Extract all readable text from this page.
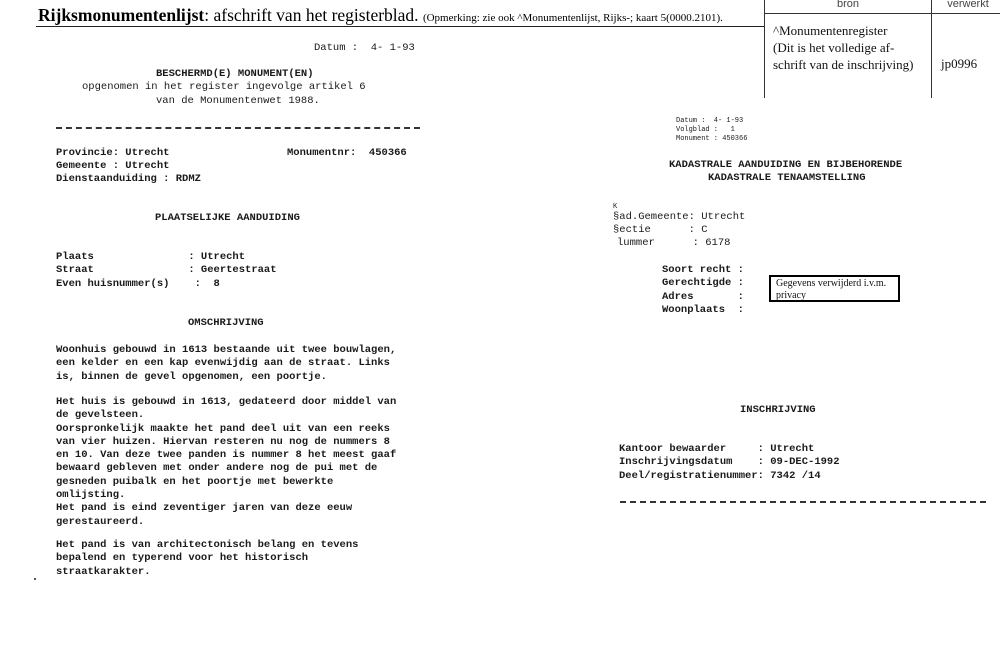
Rijksmonumentenlijst: afschrift van het registerblad. (Opmerking: zie ook ^Monumentenlijst, Rijks-; kaart 5(0000.2101).
bron	verwerkt
^Monumentenregister
(Dit is het volledige af-
schrift van de inschrijving) jp0996
Datum :  4- 1-93
BESCHERMD(E) MONUMENT(EN)
opgenomen in het register ingevolge artikel 6
van de Monumentenwet 1988.
Provincie: Utrecht	Monumentnr:  450366
Gemeente : Utrecht
Dienstaanduiding : RDMZ
PLAATSELIJKE AANDUIDING
Plaats               : Utrecht
Straat               : Geertestraat
Even huisnummer(s)    :  8
OMSCHRIJVING
Woonhuis gebouwd in 1613 bestaande uit twee bouwlagen,
een kelder en een kap evenwijdig aan de straat. Links
is, binnen de gevel opgenomen, een poortje.
Het huis is gebouwd in 1613, gedateerd door middel van
de gevelsteen.
Oorspronkelijk maakte het pand deel uit van een reeks
van vier huizen. Hiervan resteren nu nog de nummers 8
en 10. Van deze twee panden is nummer 8 het meest gaaf
bewaard gebleven met onder andere nog de pui met de
gesneden puibalk en het poortje met bewerkte
omlijsting.
Het pand is eind zeventiger jaren van deze eeuw
gerestaureerd.
Het pand is van architectonisch belang en tevens
bepalend en typerend voor het historisch
straatkarakter.
Datum :  4- 1-93
Volgblad :   1
Monument : 450366
KADASTRALE AANDUIDING EN BIJBEHORENDE
KADASTRALE TENAAMSTELLING
K
§ad.Gemeente: Utrecht
§ectie      : C
lummer      : 6178
Soort recht :
Gerechtigde :
Adres       :
Woonplaats  :
Gegevens verwijderd i.v.m. privacy
INSCHRIJVING
Kantoor bewaarder     : Utrecht
Inschrijvingsdatum    : 09-DEC-1992
Deel/registratienummer: 7342 /14
